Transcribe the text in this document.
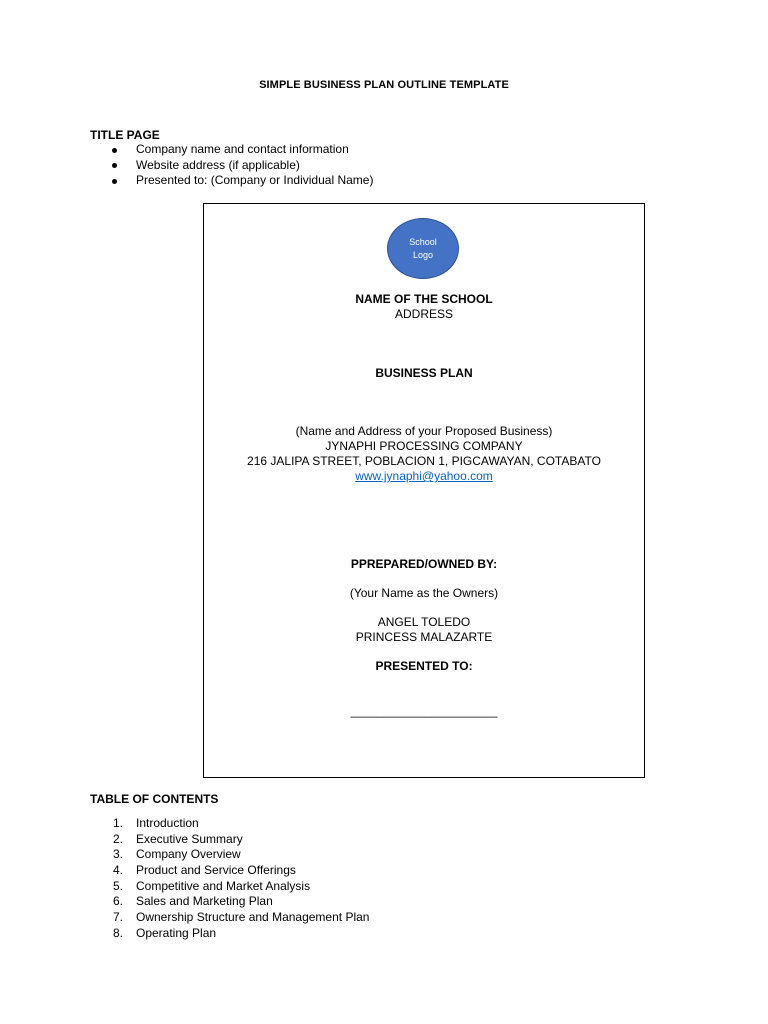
SIMPLE BUSINESS PLAN OUTLINE TEMPLATE
TITLE PAGE
Company name and contact information
Website address (if applicable)
Presented to: (Company or Individual Name)
School
Logo
NAME OF THE SCHOOL
ADDRESS
BUSINESS PLAN
(Name and Address of your Proposed Business)
JYNAPHI PROCESSING COMPANY
216 JALIPA STREET, POBLACION 1, PIGCAWAYAN, COTABATO
www.jynaphi@yahoo.com
PPREPARED/OWNED BY:
(Your Name as the Owners)
ANGEL TOLEDO
PRINCESS MALAZARTE
PRESENTED TO:
______________________
TABLE OF CONTENTS
1. Introduction
2. Executive Summary
3. Company Overview
4. Product and Service Offerings
5. Competitive and Market Analysis
6. Sales and Marketing Plan
7. Ownership Structure and Management Plan
8. Operating Plan
